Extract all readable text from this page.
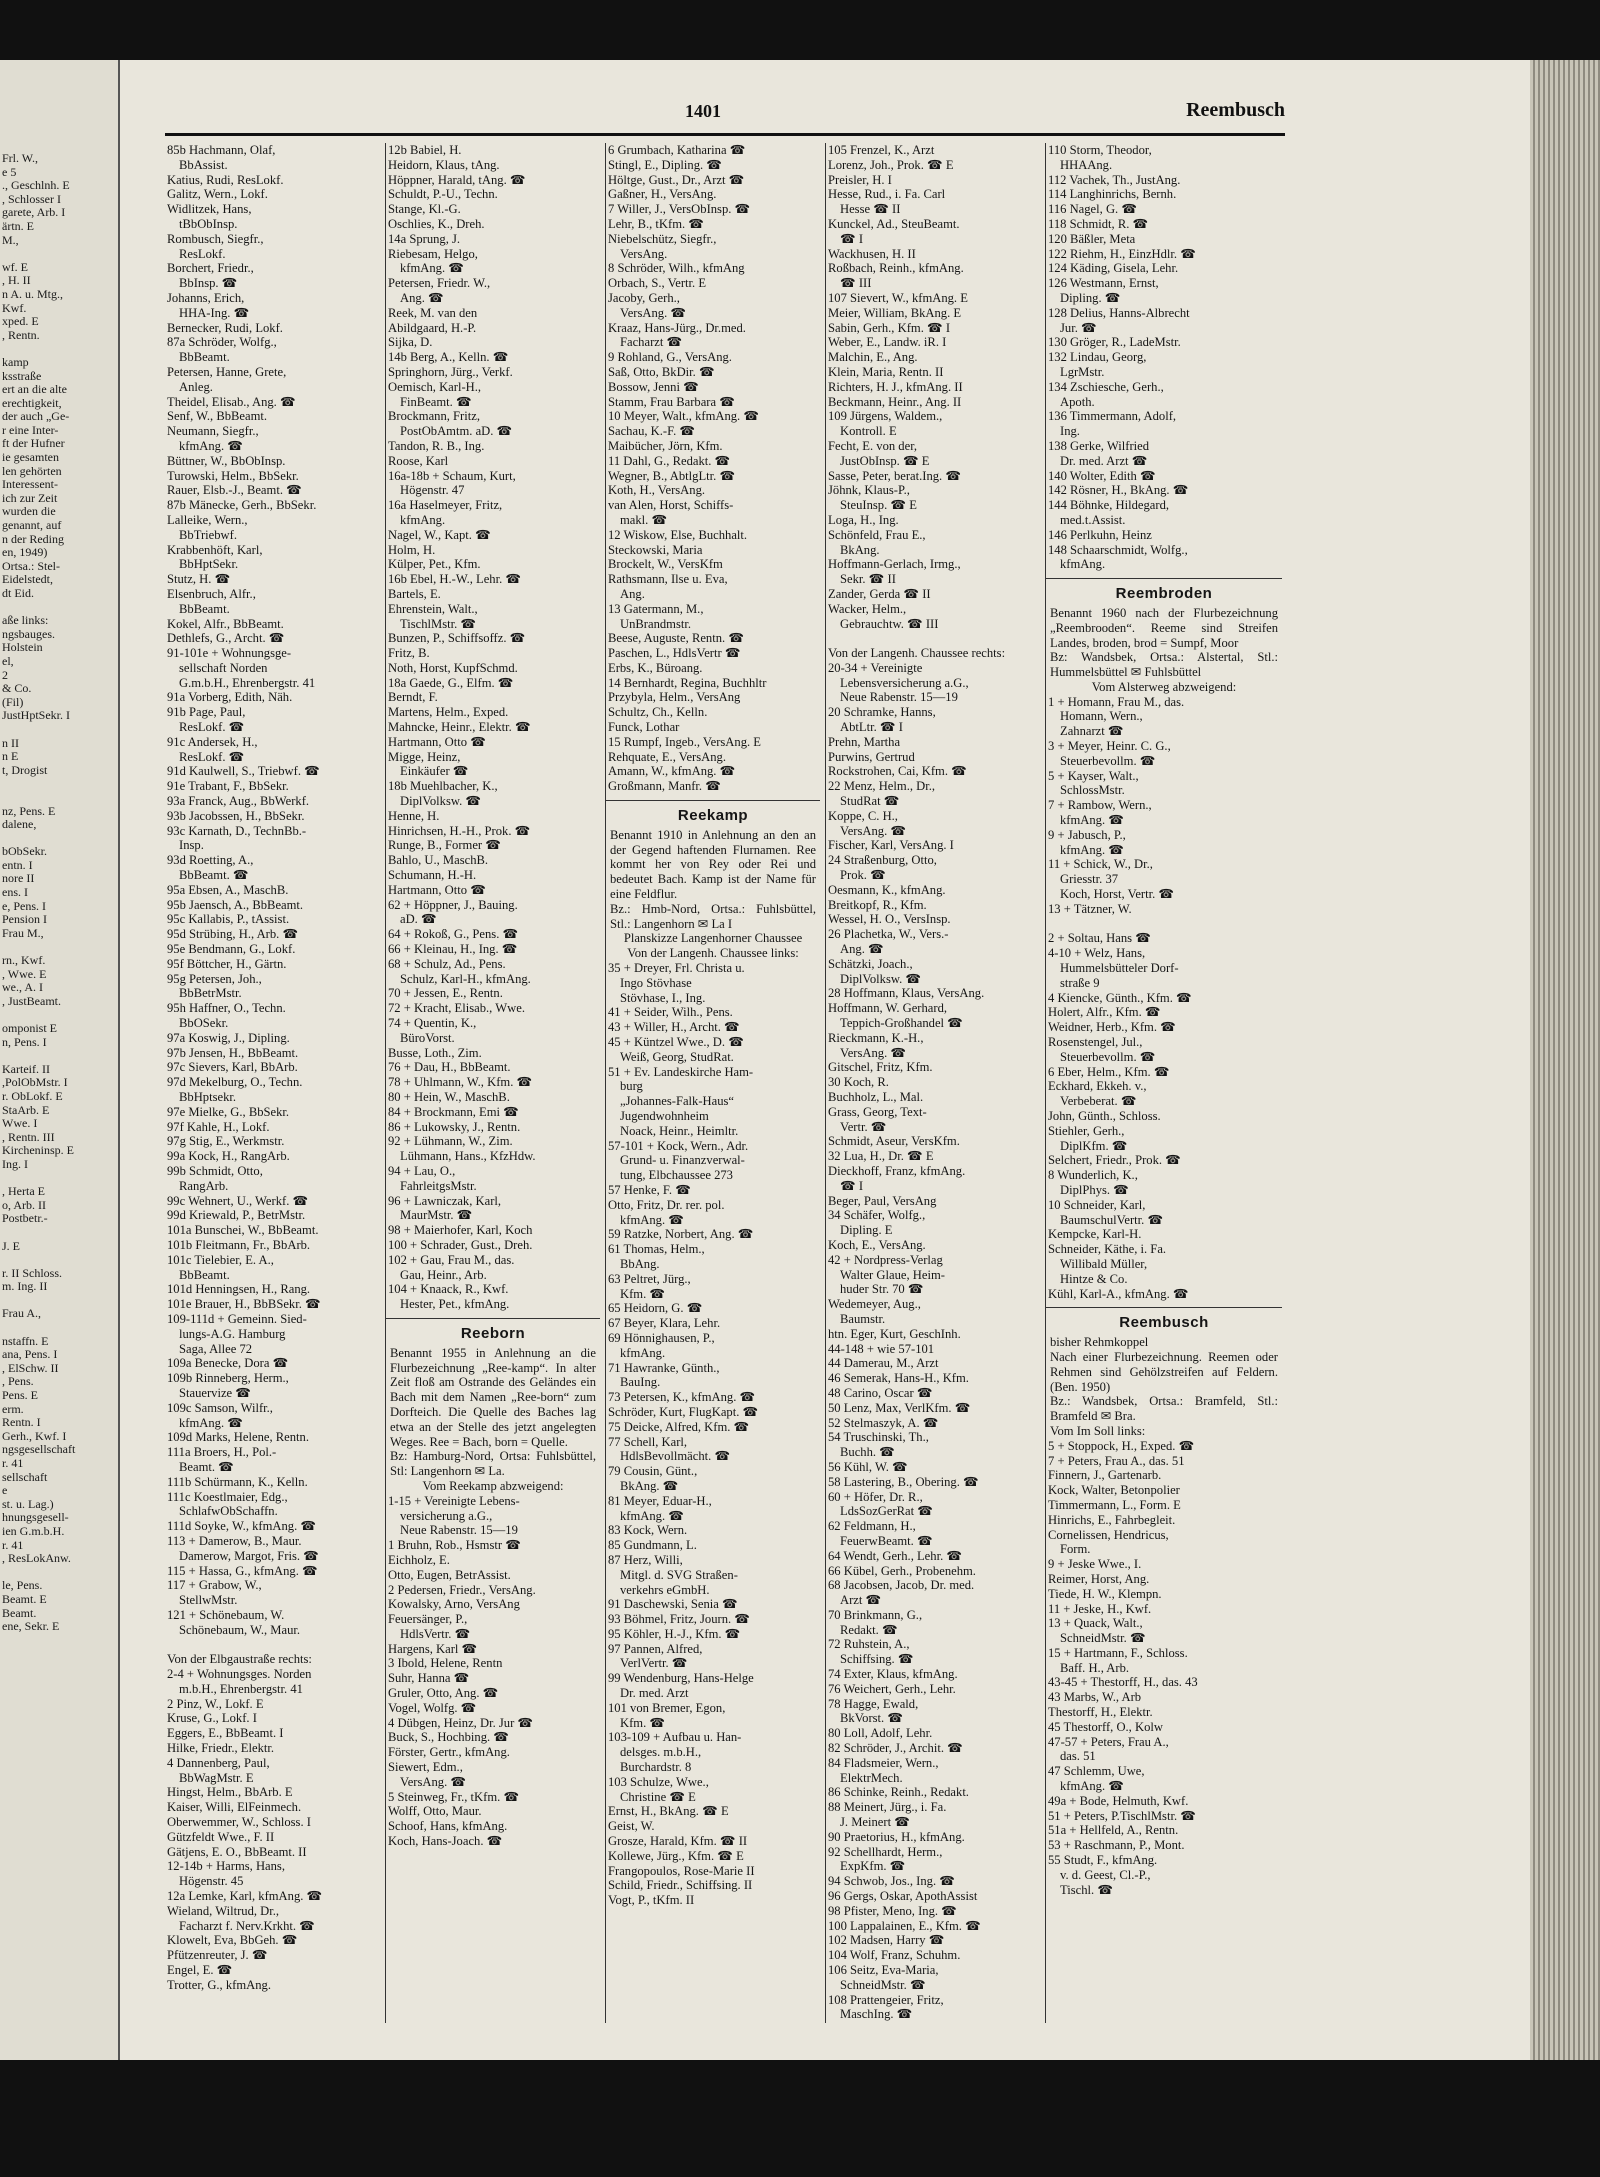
Frl. W.,
e 5
., Geschlnh. E
, Schlosser I
garete, Arb. I
ärtn. E
M.,

wf. E
, H. II
n A. u. Mtg.,
Kwf.
xped. E
, Rentn.

kamp
ksstraße
ert an die alte
erechtigkeit,
der auch „Ge-
r eine Inter-
ft der Hufner
ie gesamten
len gehörten
Interessent-
ich zur Zeit
wurden die
genannt, auf
n der Reding
en, 1949)
Ortsa.: Stel-
Eidelstedt,
dt Eid.

aße links:
ngsbauges.
Holstein
el,
2
& Co.
(Fil)
JustHptSekr. I

n II
n E
t, Drogist

nz, Pens. E
dalene,

bObSekr.
entn. I
nore II
ens. I
e, Pens. I
Pension I
Frau M.,

rn., Kwf.
, Wwe. E
we., A. I
, JustBeamt.

omponist E
n, Pens. I

Karteif. II
,PolObMstr. I
r. ObLokf. E
StaArb. E
Wwe. I
, Rentn. III
Kircheninsp. E
Ing. I

, Herta E
o, Arb. II
Postbetr.-

J. E

r. II Schloss.
m. Ing. II

Frau A.,

nstaffn. E
ana, Pens. I
, ElSchw. II
, Pens.
Pens. E
erm.
Rentn. I
Gerh., Kwf. I
ngsgesellschaft
r. 41
sellschaft
e
st. u. Lag.)
hnungsgesell-
ien G.m.b.H.
r. 41
, ResLokAnw.

le, Pens.
Beamt. E
Beamt.
ene, Sekr. E
1401	Reembusch
85b Hachmann, Olaf,
BbAssist.
Katius, Rudi, ResLokf.
Galitz, Wern., Lokf.
Widlitzek, Hans,
tBbObInsp.
Rombusch, Siegfr.,
ResLokf.
Borchert, Friedr.,
BbInsp. ☎
Johanns, Erich,
HHA-Ing. ☎
Bernecker, Rudi, Lokf.
87a Schröder, Wolfg.,
BbBeamt.
Petersen, Hanne, Grete,
Anleg.
Theidel, Elisab., Ang. ☎
Senf, W., BbBeamt.
Neumann, Siegfr.,
kfmAng. ☎
Büttner, W., BbObInsp.
Turowski, Helm., BbSekr.
Rauer, Elsb.-J., Beamt. ☎
87b Mänecke, Gerh., BbSekr.
Lalleike, Wern.,
BbTriebwf.
Krabbenhöft, Karl,
BbHptSekr.
Stutz, H. ☎
Elsenbruch, Alfr.,
BbBeamt.
Kokel, Alfr., BbBeamt.
Dethlefs, G., Archt. ☎
91-101e + Wohnungsge-
sellschaft Norden
G.m.b.H., Ehrenbergstr. 41
91a Vorberg, Edith, Näh.
91b Page, Paul,
ResLokf. ☎
91c Andersek, H.,
ResLokf. ☎
91d Kaulwell, S., Triebwf. ☎
91e Trabant, F., BbSekr.
93a Franck, Aug., BbWerkf.
93b Jacobssen, H., BbSekr.
93c Karnath, D., TechnBb.-
Insp.
93d Roetting, A.,
BbBeamt. ☎
95a Ebsen, A., MaschB.
95b Jaensch, A., BbBeamt.
95c Kallabis, P., tAssist.
95d Strübing, H., Arb. ☎
95e Bendmann, G., Lokf.
95f Böttcher, H., Gärtn.
95g Petersen, Joh.,
BbBetrMstr.
95h Haffner, O., Techn.
BbOSekr.
97a Koswig, J., Dipling.
97b Jensen, H., BbBeamt.
97c Sievers, Karl, BbArb.
97d Mekelburg, O., Techn.
BbHptsekr.
97e Mielke, G., BbSekr.
97f Kahle, H., Lokf.
97g Stig, E., Werkmstr.
99a Kock, H., RangArb.
99b Schmidt, Otto,
RangArb.
99c Wehnert, U., Werkf. ☎
99d Kriewald, P., BetrMstr.
101a Bunschei, W., BbBeamt.
101b Fleitmann, Fr., BbArb.
101c Tielebier, E. A.,
BbBeamt.
101d Henningsen, H., Rang.
101e Brauer, H., BbBSekr. ☎
109-111d + Gemeinn. Sied-
lungs-A.G. Hamburg
Saga, Allee 72
109a Benecke, Dora ☎
109b Rinneberg, Herm.,
Stauervize ☎
109c Samson, Wilfr.,
kfmAng. ☎
109d Marks, Helene, Rentn.
111a Broers, H., Pol.-
Beamt. ☎
111b Schürmann, K., Kelln.
111c Koestlmaier, Edg.,
SchlafwObSchaffn.
111d Soyke, W., kfmAng. ☎
113 + Damerow, B., Maur.
Damerow, Margot, Fris. ☎
115 + Hassa, G., kfmAng. ☎
117 + Grabow, W.,
StellwMstr.
121 + Schönebaum, W.
Schönebaum, W., Maur.

Von der Elbgaustraße rechts:
2-4 + Wohnungsges. Norden
m.b.H., Ehrenbergstr. 41
2 Pinz, W., Lokf. E
Kruse, G., Lokf. I
Eggers, E., BbBeamt. I
Hilke, Friedr., Elektr.
4 Dannenberg, Paul,
BbWagMstr. E
Hingst, Helm., BbArb. E
Kaiser, Willi, ElFeinmech.
Oberwemmer, W., Schloss. I
Gützfeldt Wwe., F. II
Gätjens, E. O., BbBeamt. II
12-14b + Harms, Hans,
Högenstr. 45
12a Lemke, Karl, kfmAng. ☎
Wieland, Wiltrud, Dr.,
Facharzt f. Nerv.Krkht. ☎
Klowelt, Eva, BbGeh. ☎
Pfützenreuter, J. ☎
Engel, E. ☎
Trotter, G., kfmAng.
12b Babiel, H.
Heidorn, Klaus, tAng.
Höppner, Harald, tAng. ☎
Schuldt, P.-U., Techn.
Stange, Kl.-G.
Oschlies, K., Dreh.
14a Sprung, J.
Riebesam, Helgo,
kfmAng. ☎
Petersen, Friedr. W.,
Ang. ☎
Reek, M. van den
Abildgaard, H.-P.
Sijka, D.
14b Berg, A., Kelln. ☎
Springhorn, Jürg., Verkf.
Oemisch, Karl-H.,
FinBeamt. ☎
Brockmann, Fritz,
PostObAmtm. aD. ☎
Tandon, R. B., Ing.
Roose, Karl
16a-18b + Schaum, Kurt,
Högenstr. 47
16a Haselmeyer, Fritz,
kfmAng.
Nagel, W., Kapt. ☎
Holm, H.
Külper, Pet., Kfm.
16b Ebel, H.-W., Lehr. ☎
Bartels, E.
Ehrenstein, Walt.,
TischlMstr. ☎
Bunzen, P., Schiffsoffz. ☎
Fritz, B.
Noth, Horst, KupfSchmd.
18a Gaede, G., Elfm. ☎
Berndt, F.
Martens, Helm., Exped.
Mahncke, Heinr., Elektr. ☎
Hartmann, Otto ☎
Migge, Heinz,
Einkäufer ☎
18b Muehlbacher, K.,
DiplVolksw. ☎
Henne, H.
Hinrichsen, H.-H., Prok. ☎
Runge, B., Former ☎
Bahlo, U., MaschB.
Schumann, H.-H.
Hartmann, Otto ☎
62 + Höppner, J., Bauing.
aD. ☎
64 + Rokoß, G., Pens. ☎
66 + Kleinau, H., Ing. ☎
68 + Schulz, Ad., Pens.
Schulz, Karl-H., kfmAng.
70 + Jessen, E., Rentn.
72 + Kracht, Elisab., Wwe.
74 + Quentin, K.,
BüroVorst.
Busse, Loth., Zim.
76 + Dau, H., BbBeamt.
78 + Uhlmann, W., Kfm. ☎
80 + Hein, W., MaschB.
84 + Brockmann, Emi ☎
86 + Lukowsky, J., Rentn.
92 + Lühmann, W., Zim.
Lühmann, Hans., KfzHdw.
94 + Lau, O.,
FahrleitgsMstr.
96 + Lawniczak, Karl,
MaurMstr. ☎
98 + Maierhofer, Karl, Koch
100 + Schrader, Gust., Dreh.
102 + Gau, Frau M., das.
Gau, Heinr., Arb.
104 + Knaack, R., Kwf.
Hester, Pet., kfmAng.
Reeborn
Benannt 1955 in Anlehnung an die Flurbezeichnung „Ree-kamp“. In alter Zeit floß am Ostrande des Geländes ein Bach mit dem Namen „Ree-born“ zum Dorfteich. Die Quelle des Baches lag etwa an der Stelle des jetzt angelegten Weges. Ree = Bach, born = Quelle.
Bz: Hamburg-Nord, Ortsa: Fuhlsbüttel, Stl: Langenhorn ✉ La.
Vom Reekamp abzweigend:
1-15 + Vereinigte Lebens-
versicherung a.G.,
Neue Rabenstr. 15—19
1 Bruhn, Rob., Hsmstr ☎
Eichholz, E.
Otto, Eugen, BetrAssist.
2 Pedersen, Friedr., VersAng.
Kowalsky, Arno, VersAng
Feuersänger, P.,
HdlsVertr. ☎
Hargens, Karl ☎
3 Ibold, Helene, Rentn
Suhr, Hanna ☎
Gruler, Otto, Ang. ☎
Vogel, Wolfg. ☎
4 Dübgen, Heinz, Dr. Jur ☎
Buck, S., Hochbing. ☎
Förster, Gertr., kfmAng.
Siewert, Edm.,
VersAng. ☎
5 Steinweg, Fr., tKfm. ☎
Wolff, Otto, Maur.
Schoof, Hans, kfmAng.
Koch, Hans-Joach. ☎
6 Grumbach, Katharina ☎
Stingl, E., Dipling. ☎
Höltge, Gust., Dr., Arzt ☎
Gaßner, H., VersAng.
7 Willer, J., VersObInsp. ☎
Lehr, B., tKfm. ☎
Niebelschütz, Siegfr.,
VersAng.
8 Schröder, Wilh., kfmAng
Orbach, S., Vertr. E
Jacoby, Gerh.,
VersAng. ☎
Kraaz, Hans-Jürg., Dr.med.
Facharzt ☎
9 Rohland, G., VersAng.
Saß, Otto, BkDir. ☎
Bossow, Jenni ☎
Stamm, Frau Barbara ☎
10 Meyer, Walt., kfmAng. ☎
Sachau, K.-F. ☎
Maibücher, Jörn, Kfm.
11 Dahl, G., Redakt. ☎
Wegner, B., AbtlgLtr. ☎
Koth, H., VersAng.
van Alen, Horst, Schiffs-
makl. ☎
12 Wiskow, Else, Buchhalt.
Steckowski, Maria
Brockelt, W., VersKfm
Rathsmann, Ilse u. Eva,
Ang.
13 Gatermann, M.,
UnBrandmstr.
Beese, Auguste, Rentn. ☎
Paschen, L., HdlsVertr ☎
Erbs, K., Büroang.
14 Bernhardt, Regina, Buchhltr
Przybyla, Helm., VersAng
Schultz, Ch., Kelln.
Funck, Lothar
15 Rumpf, Ingeb., VersAng. E
Rehquate, E., VersAng.
Amann, W., kfmAng. ☎
Großmann, Manfr. ☎
Reekamp
Benannt 1910 in Anlehnung an den an der Gegend haftenden Flurnamen. Ree kommt her von Rey oder Rei und bedeutet Bach. Kamp ist der Name für eine Feldflur.
Bz.: Hmb-Nord, Ortsa.: Fuhlsbüttel, Stl.: Langenhorn ✉ La I
Planskizze Langenhorner Chaussee
Von der Langenh. Chaussee links:
35 + Dreyer, Frl. Christa u.
Ingo Stövhase
Stövhase, I., Ing.
41 + Seider, Wilh., Pens.
43 + Willer, H., Archt. ☎
45 + Küntzel Wwe., D. ☎
Weiß, Georg, StudRat.
51 + Ev. Landeskirche Ham-
burg
„Johannes-Falk-Haus“
Jugendwohnheim
Noack, Heinr., Heimltr.
57-101 + Kock, Wern., Adr.
Grund- u. Finanzverwal-
tung, Elbchaussee 273
57 Henke, F. ☎
Otto, Fritz, Dr. rer. pol.
kfmAng. ☎
59 Ratzke, Norbert, Ang. ☎
61 Thomas, Helm.,
BbAng.
63 Peltret, Jürg.,
Kfm. ☎
65 Heidorn, G. ☎
67 Beyer, Klara, Lehr.
69 Hönnighausen, P.,
kfmAng.
71 Hawranke, Günth.,
BauIng.
73 Petersen, K., kfmAng. ☎
Schröder, Kurt, FlugKapt. ☎
75 Deicke, Alfred, Kfm. ☎
77 Schell, Karl,
HdlsBevollmächt. ☎
79 Cousin, Günt.,
BkAng. ☎
81 Meyer, Eduar-H.,
kfmAng. ☎
83 Kock, Wern.
85 Gundmann, L.
87 Herz, Willi,
Mitgl. d. SVG Straßen-
verkehrs eGmbH.
91 Daschewski, Senia ☎
93 Böhmel, Fritz, Journ. ☎
95 Köhler, H.-J., Kfm. ☎
97 Pannen, Alfred,
VerlVertr. ☎
99 Wendenburg, Hans-Helge
Dr. med. Arzt
101 von Bremer, Egon,
Kfm. ☎
103-109 + Aufbau u. Han-
delsges. m.b.H.,
Burchardstr. 8
103 Schulze, Wwe.,
Christine ☎ E
Ernst, H., BkAng. ☎ E
Geist, W.
Grosze, Harald, Kfm. ☎ II
Kollewe, Jürg., Kfm. ☎ E
Frangopoulos, Rose-Marie II
Schild, Friedr., Schiffsing. II
Vogt, P., tKfm. II
105 Frenzel, K., Arzt
Lorenz, Joh., Prok. ☎ E
Preisler, H. I
Hesse, Rud., i. Fa. Carl
Hesse ☎ II
Kunckel, Ad., SteuBeamt.
☎ I
Wackhusen, H. II
Roßbach, Reinh., kfmAng.
☎ III
107 Sievert, W., kfmAng. E
Meier, William, BkAng. E
Sabin, Gerh., Kfm. ☎ I
Weber, E., Landw. iR. I
Malchin, E., Ang.
Klein, Maria, Rentn. II
Richters, H. J., kfmAng. II
Beckmann, Heinr., Ang. II
109 Jürgens, Waldem.,
Kontroll. E
Fecht, E. von der,
JustObInsp. ☎ E
Sasse, Peter, berat.Ing. ☎
Jöhnk, Klaus-P.,
SteuInsp. ☎ E
Loga, H., Ing.
Schönfeld, Frau E.,
BkAng.
Hoffmann-Gerlach, Irmg.,
Sekr. ☎ II
Zander, Gerda ☎ II
Wacker, Helm.,
Gebrauchtw. ☎ III

Von der Langenh. Chaussee rechts:
20-34 + Vereinigte
Lebensversicherung a.G.,
Neue Rabenstr. 15—19
20 Schramke, Hanns,
AbtLtr. ☎ I
Prehn, Martha
Purwins, Gertrud
Rockstrohen, Cai, Kfm. ☎
22 Menz, Helm., Dr.,
StudRat ☎
Koppe, C. H.,
VersAng. ☎
Fischer, Karl, VersAng. I
24 Straßenburg, Otto,
Prok. ☎
Oesmann, K., kfmAng.
Breitkopf, R., Kfm.
Wessel, H. O., VersInsp.
26 Plachetka, W., Vers.-
Ang. ☎
Schätzki, Joach.,
DiplVolksw. ☎
28 Hoffmann, Klaus, VersAng.
Hoffmann, W. Gerhard,
Teppich-Großhandel ☎
Rieckmann, K.-H.,
VersAng. ☎
Gitschel, Fritz, Kfm.
30 Koch, R.
Buchholz, L., Mal.
Grass, Georg, Text-
Vertr. ☎
Schmidt, Aseur, VersKfm.
32 Lua, H., Dr. ☎ E
Dieckhoff, Franz, kfmAng.
☎ I
Beger, Paul, VersAng
34 Schäfer, Wolfg.,
Dipling. E
Koch, E., VersAng.
42 + Nordpress-Verlag
Walter Glaue, Heim-
huder Str. 70 ☎
Wedemeyer, Aug.,
Baumstr.
htn. Eger, Kurt, GeschInh.
44-148 + wie 57-101
44 Damerau, M., Arzt
46 Semerak, Hans-H., Kfm.
48 Carino, Oscar ☎
50 Lenz, Max, VerlKfm. ☎
52 Stelmaszyk, A. ☎
54 Truschinski, Th.,
Buchh. ☎
56 Kühl, W. ☎
58 Lastering, B., Obering. ☎
60 + Höfer, Dr. R.,
LdsSozGerRat ☎
62 Feldmann, H.,
FeuerwBeamt. ☎
64 Wendt, Gerh., Lehr. ☎
66 Kübel, Gerh., Probenehm.
68 Jacobsen, Jacob, Dr. med.
Arzt ☎
70 Brinkmann, G.,
Redakt. ☎
72 Ruhstein, A.,
Schiffsing. ☎
74 Exter, Klaus, kfmAng.
76 Weichert, Gerh., Lehr.
78 Hagge, Ewald,
BkVorst. ☎
80 Loll, Adolf, Lehr.
82 Schröder, J., Archit. ☎
84 Fladsmeier, Wern.,
ElektrMech.
86 Schinke, Reinh., Redakt.
88 Meinert, Jürg., i. Fa.
J. Meinert ☎
90 Praetorius, H., kfmAng.
92 Schellhardt, Herm.,
ExpKfm. ☎
94 Schwob, Jos., Ing. ☎
96 Gergs, Oskar, ApothAssist
98 Pfister, Meno, Ing. ☎
100 Lappalainen, E., Kfm. ☎
102 Madsen, Harry ☎
104 Wolf, Franz, Schuhm.
106 Seitz, Eva-Maria,
SchneidMstr. ☎
108 Prattengeier, Fritz,
MaschIng. ☎
110 Storm, Theodor,
HHAAng.
112 Vachek, Th., JustAng.
114 Langhinrichs, Bernh.
116 Nagel, G. ☎
118 Schmidt, R. ☎
120 Bäßler, Meta
122 Riehm, H., EinzHdlr. ☎
124 Käding, Gisela, Lehr.
126 Westmann, Ernst,
Dipling. ☎
128 Delius, Hanns-Albrecht
Jur. ☎
130 Gröger, R., LadeMstr.
132 Lindau, Georg,
LgrMstr.
134 Zschiesche, Gerh.,
Apoth.
136 Timmermann, Adolf,
Ing.
138 Gerke, Wilfried
Dr. med. Arzt ☎
140 Wolter, Edith ☎
142 Rösner, H., BkAng. ☎
144 Böhnke, Hildegard,
med.t.Assist.
146 Perlkuhn, Heinz
148 Schaarschmidt, Wolfg.,
kfmAng.
Reembroden
Benannt 1960 nach der Flurbezeichnung „Reembrooden“. Reeme sind Streifen Landes, broden, brod = Sumpf, Moor
Bz: Wandsbek, Ortsa.: Alstertal, Stl.: Hummelsbüttel ✉ Fuhlsbüttel
Vom Alsterweg abzweigend:
1 + Homann, Frau M., das.
Homann, Wern.,
Zahnarzt ☎
3 + Meyer, Heinr. C. G.,
Steuerbevollm. ☎
5 + Kayser, Walt.,
SchlossMstr.
7 + Rambow, Wern.,
kfmAng. ☎
9 + Jabusch, P.,
kfmAng. ☎
11 + Schick, W., Dr.,
Griesstr. 37
Koch, Horst, Vertr. ☎
13 + Tätzner, W.

2 + Soltau, Hans ☎
4-10 + Welz, Hans,
Hummelsbütteler Dorf-
straße 9
4 Kiencke, Günth., Kfm. ☎
Holert, Alfr., Kfm. ☎
Weidner, Herb., Kfm. ☎
Rosenstengel, Jul.,
Steuerbevollm. ☎
6 Eber, Helm., Kfm. ☎
Eckhard, Ekkeh. v.,
Verbeberat. ☎
John, Günth., Schloss.
Stiehler, Gerh.,
DiplKfm. ☎
Selchert, Friedr., Prok. ☎
8 Wunderlich, K.,
DiplPhys. ☎
10 Schneider, Karl,
BaumschulVertr. ☎
Kempcke, Karl-H.
Schneider, Käthe, i. Fa.
Willibald Müller,
Hintze & Co.
Kühl, Karl-A., kfmAng. ☎
Reembusch
bisher Rehmkoppel
Nach einer Flurbezeichnung. Reemen oder Rehmen sind Gehölzstreifen auf Feldern. (Ben. 1950)
Bz.: Wandsbek, Ortsa.: Bramfeld, Stl.: Bramfeld ✉ Bra.
Vom Im Soll links:
5 + Stoppock, H., Exped. ☎
7 + Peters, Frau A., das. 51
Finnern, J., Gartenarb.
Kock, Walter, Betonpolier
Timmermann, L., Form. E
Hinrichs, E., Fahrbegleit.
Cornelissen, Hendricus,
Form.
9 + Jeske Wwe., I.
Reimer, Horst, Ang.
Tiede, H. W., Klempn.
11 + Jeske, H., Kwf.
13 + Quack, Walt.,
SchneidMstr. ☎
15 + Hartmann, F., Schloss.
Baff. H., Arb.
43-45 + Thestorff, H., das. 43
43 Marbs, W., Arb
Thestorff, H., Elektr.
45 Thestorff, O., Kolw
47-57 + Peters, Frau A.,
das. 51
47 Schlemm, Uwe,
kfmAng. ☎
49a + Bode, Helmuth, Kwf.
51 + Peters, P.TischlMstr. ☎
51a + Hellfeld, A., Rentn.
53 + Raschmann, P., Mont.
55 Studt, F., kfmAng.
v. d. Geest, Cl.-P.,
Tischl. ☎
